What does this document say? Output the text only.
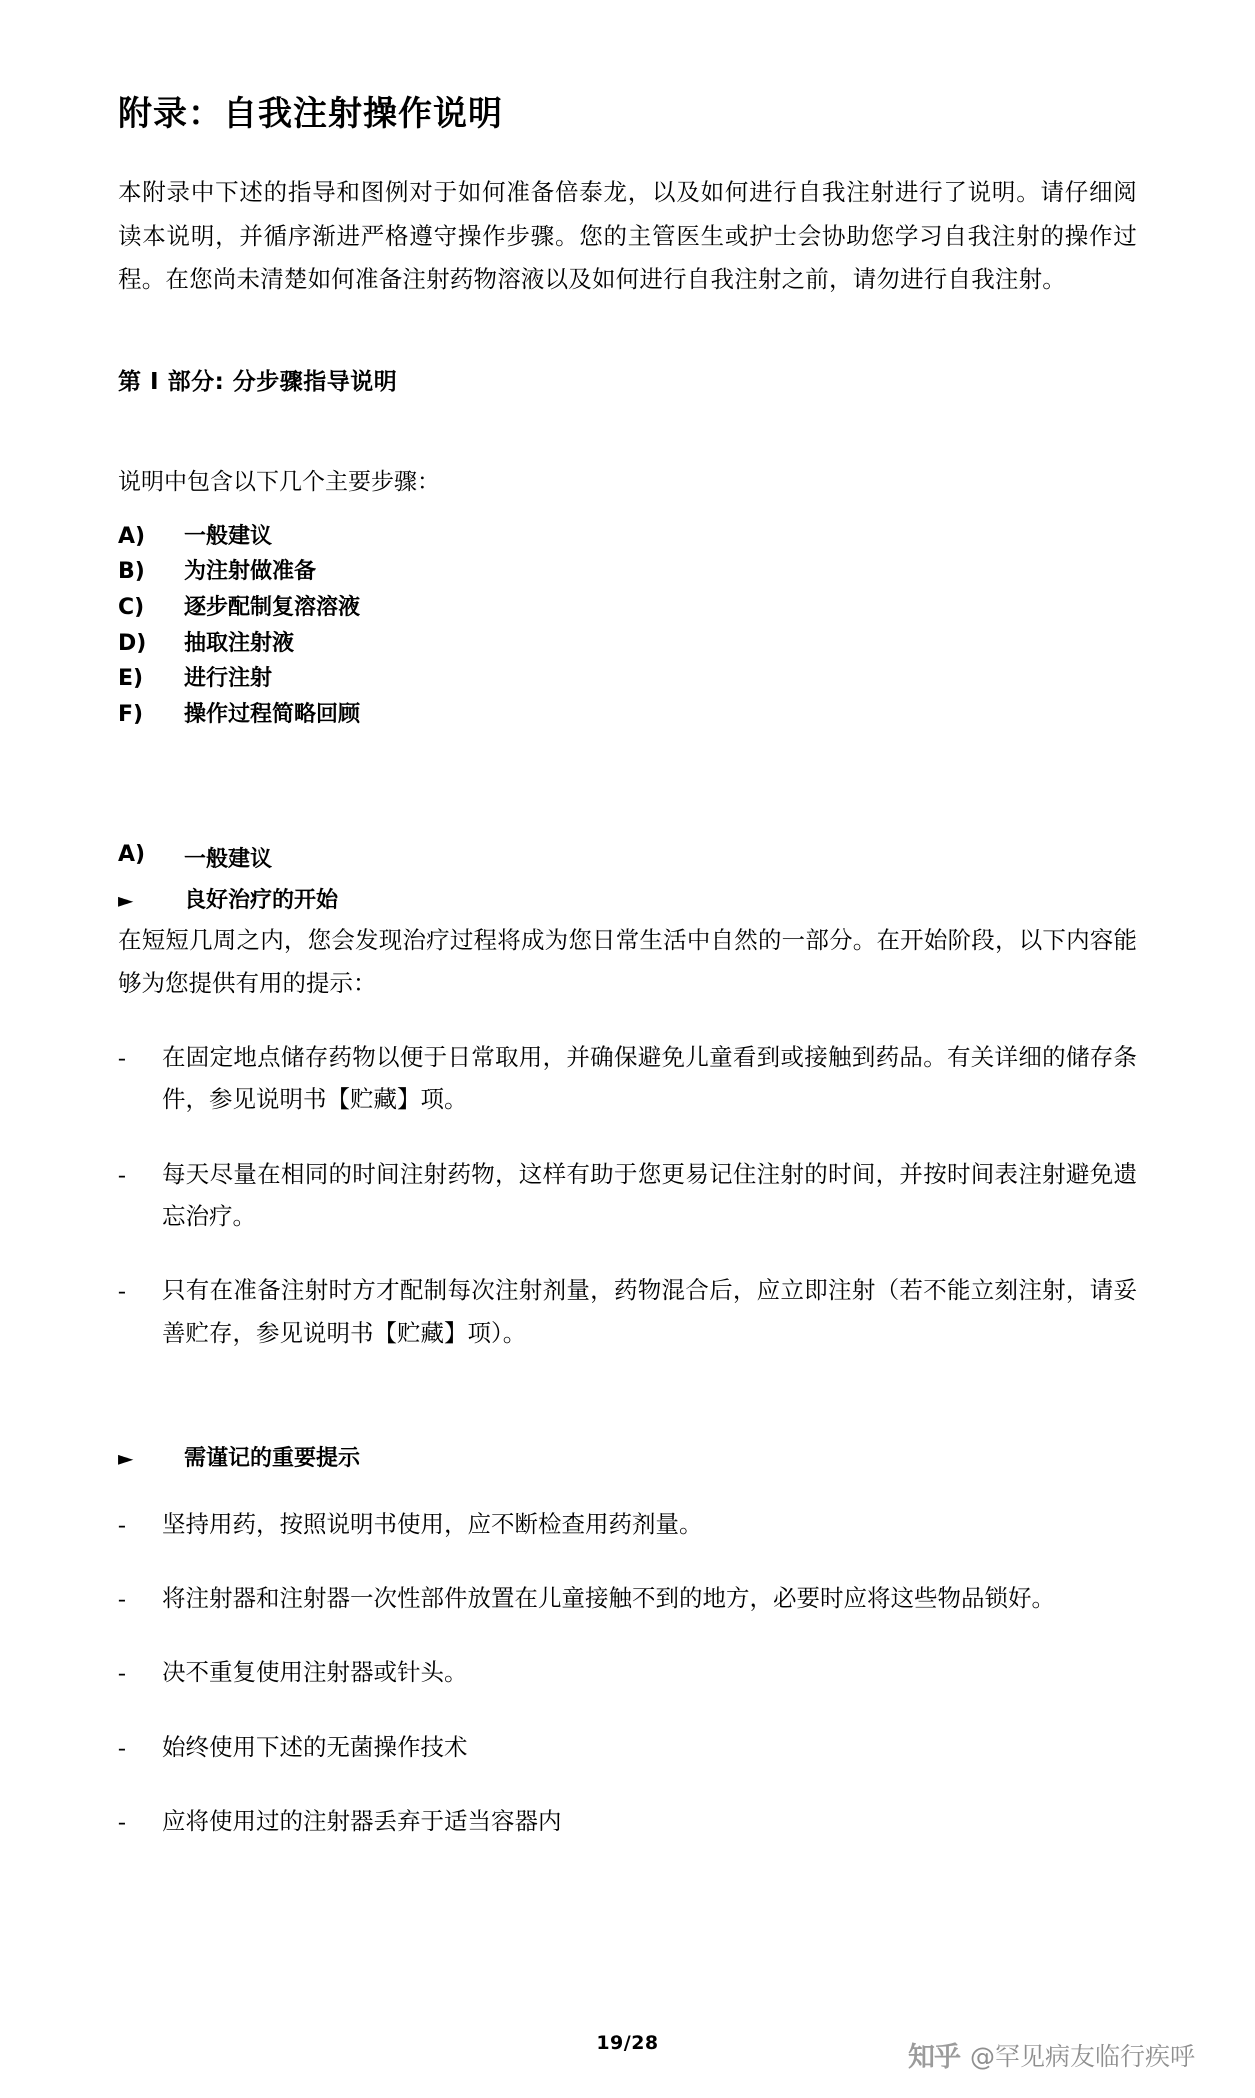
附录：自我注射操作说明

本附录中下述的指导和图例对于如何准备倍泰龙，以及如何进行自我注射进行了说明。请仔细阅读本说明，并循序渐进严格遵守操作步骤。您的主管医生或护士会协助您学习自我注射的操作过程。在您尚未清楚如何准备注射药物溶液以及如何进行自我注射之前，请勿进行自我注射。

第 I 部分: 分步骤指导说明

说明中包含以下几个主要步骤：

A)	一般建议
B)	为注射做准备
C)	逐步配制复溶溶液
D)	抽取注射液
E)	进行注射
F)	操作过程简略回顾
A)	一般建议
►	良好治疗的开始

在短短几周之内，您会发现治疗过程将成为您日常生活中自然的一部分。在开始阶段，以下内容能够为您提供有用的提示：

-	在固定地点储存药物以便于日常取用，并确保避免儿童看到或接触到药品。有关详细的储存条件，参见说明书【贮藏】项。
-	每天尽量在相同的时间注射药物，这样有助于您更易记住注射的时间，并按时间表注射避免遗忘治疗。
-	只有在准备注射时方才配制每次注射剂量，药物混合后，应立即注射（若不能立刻注射，请妥善贮存，参见说明书【贮藏】项）。
►	需谨记的重要提示
-	坚持用药，按照说明书使用，应不断检查用药剂量。
-	将注射器和注射器一次性部件放置在儿童接触不到的地方，必要时应将这些物品锁好。
-	决不重复使用注射器或针头。
-	始终使用下述的无菌操作技术
-	应将使用过的注射器丢弃于适当容器内
19/28	知乎 @罕见病友临行疾呼
